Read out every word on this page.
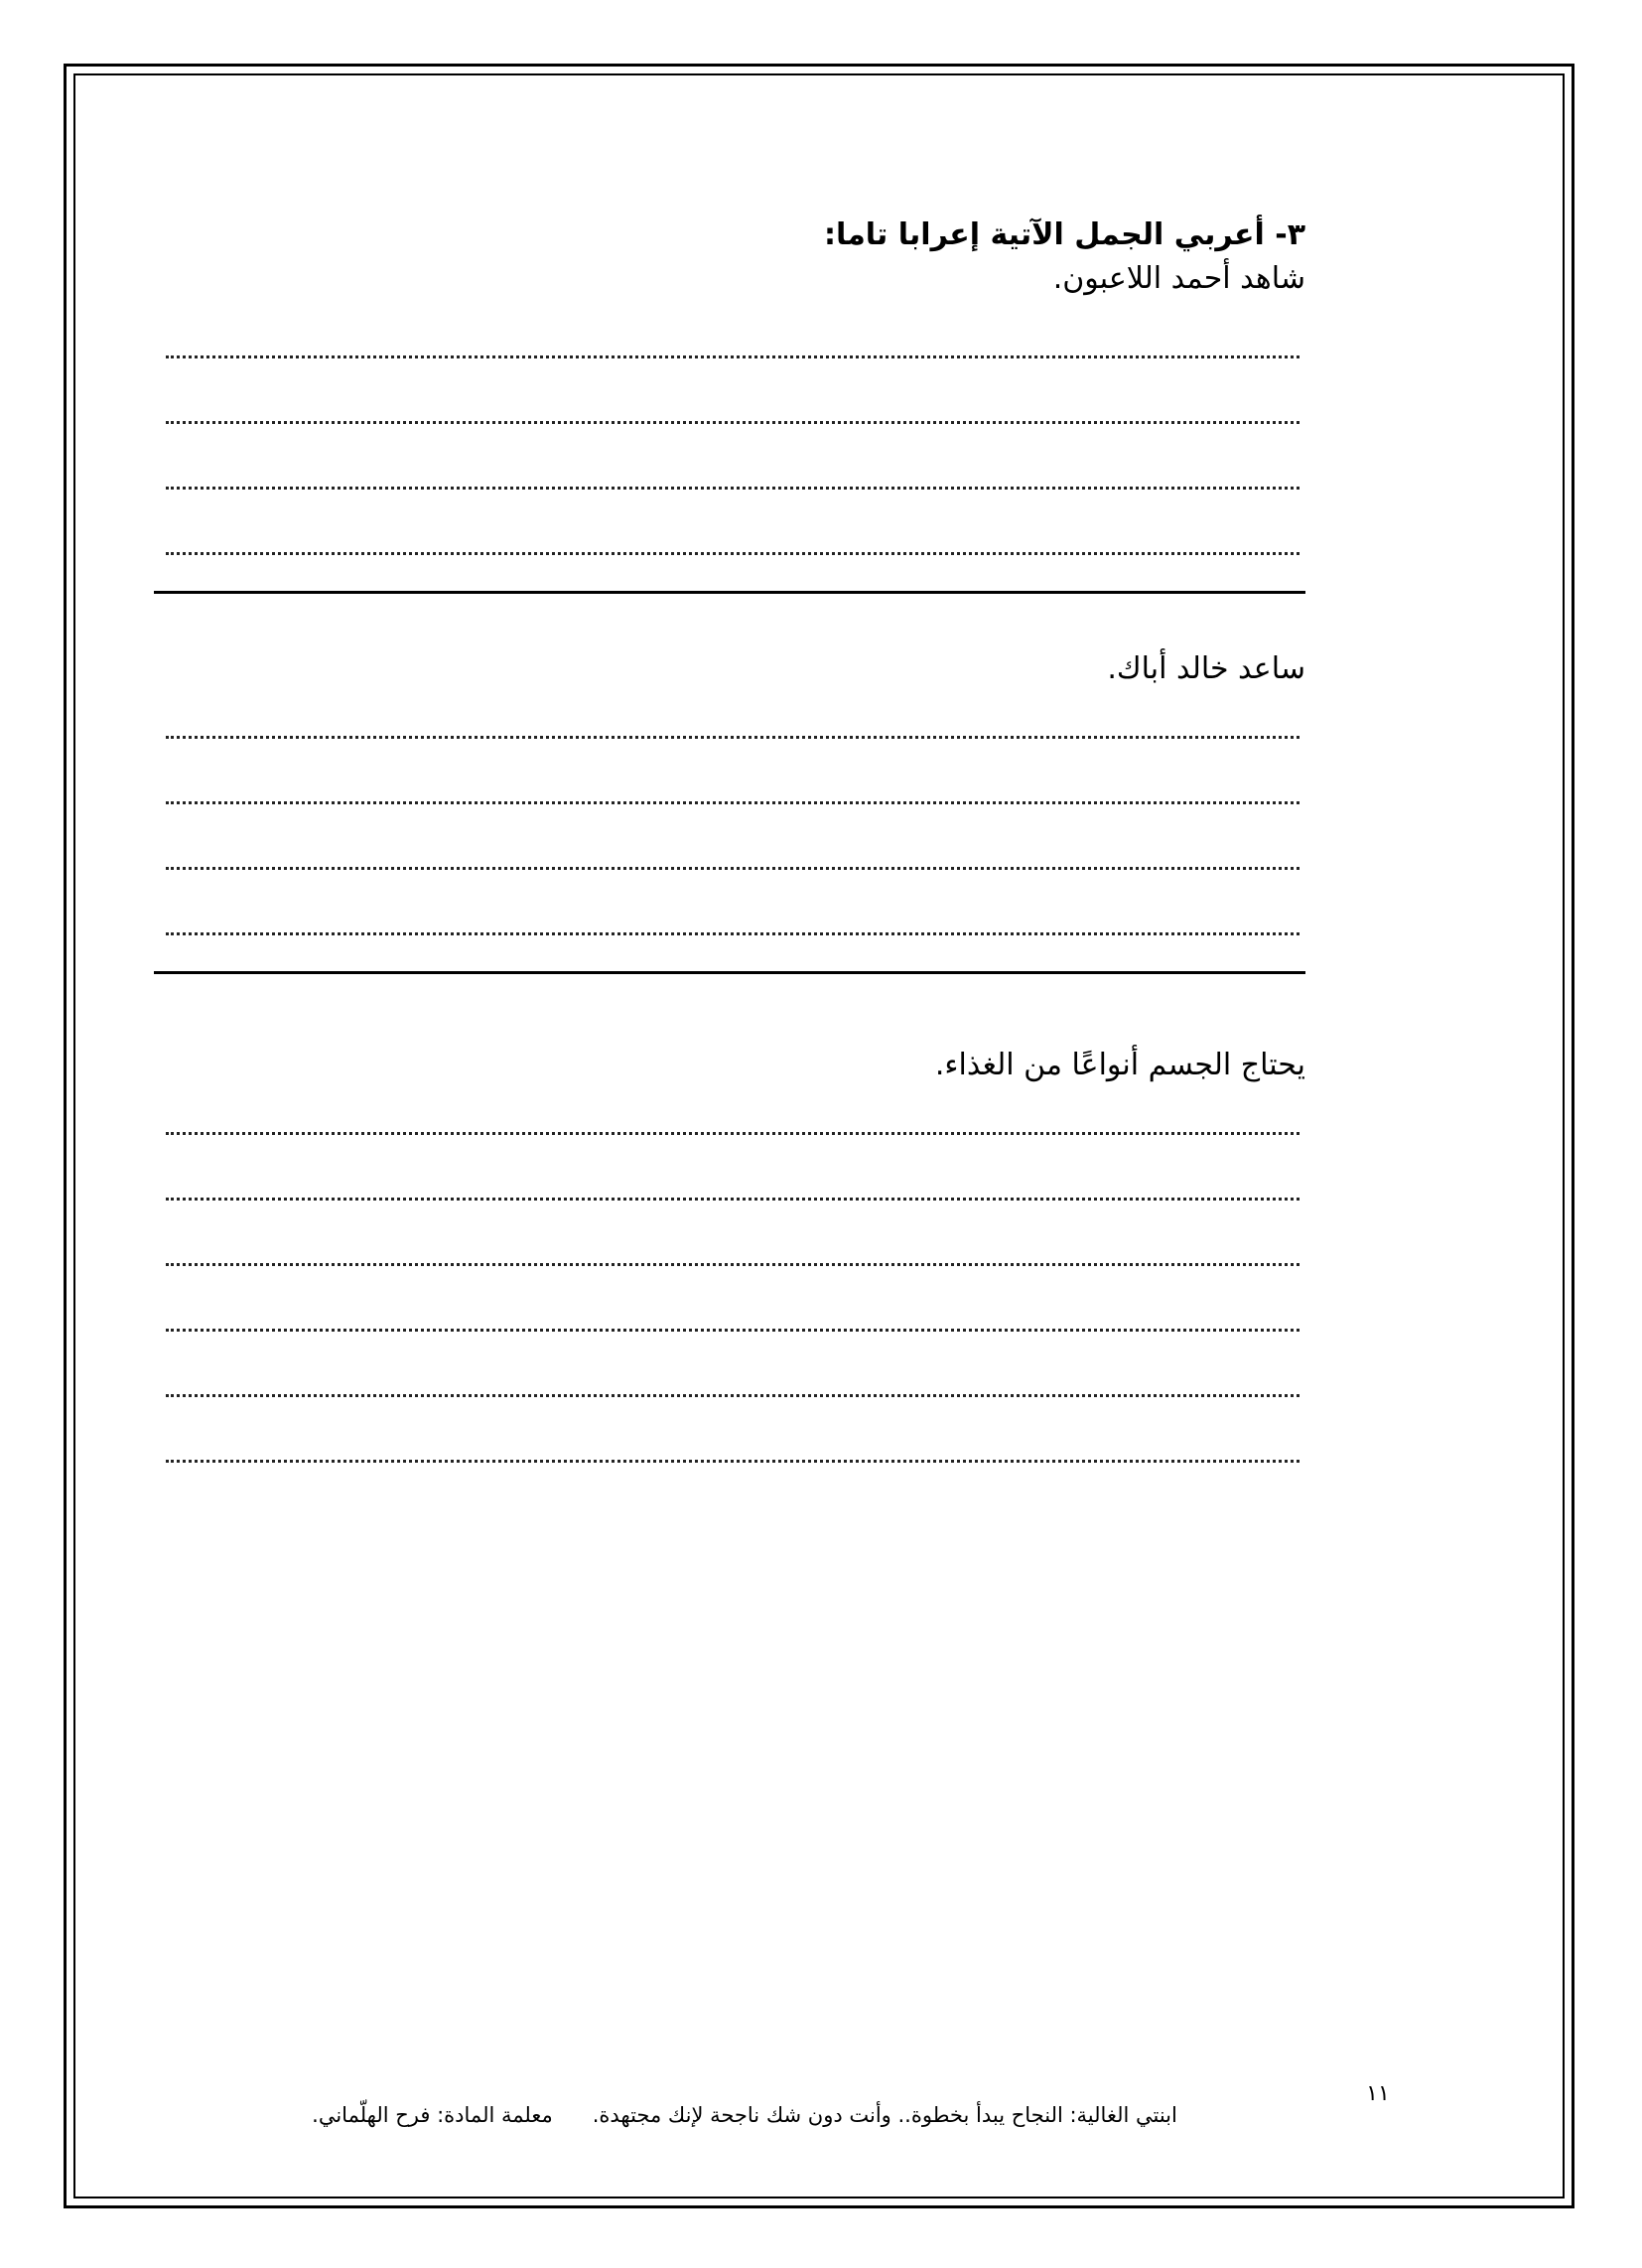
٣- أعربي الجمل الآتية إعرابا تاما:

شاهد أحمد اللاعبون.

ساعد خالد أباك.

يحتاج الجسم أنواعًا من الغذاء.

١١
ابنتي الغالية: النجاح يبدأ بخطوة.. وأنت دون شك ناجحة لإنك مجتهدة.معلمة المادة: فرح الهلّماني.
